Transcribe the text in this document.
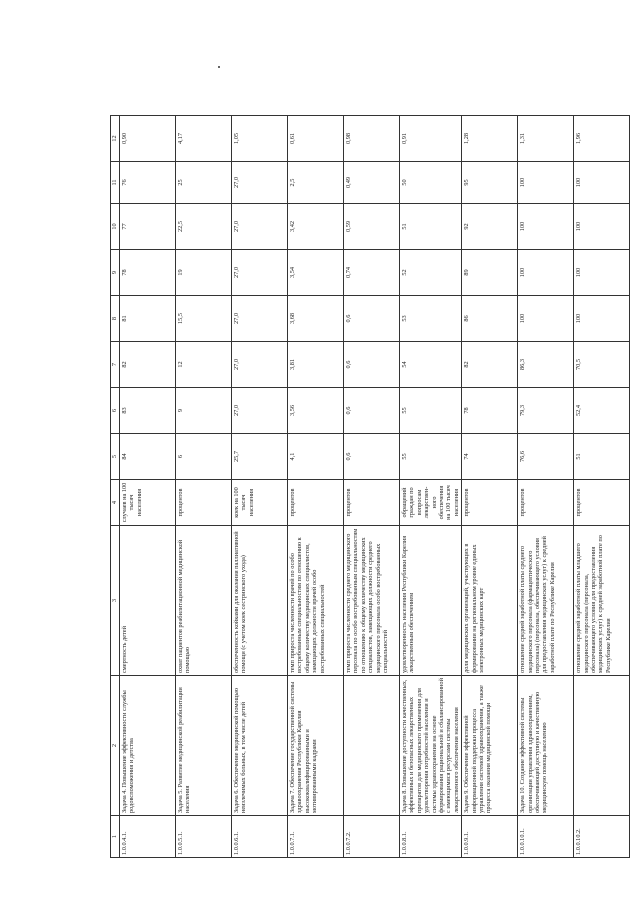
1	2	3	4	5	6	7	8	9	10	11	12
1.0.0.4.1.	Задача 4. Повышение эффективности службы родовспоможения и детства	смертность детей	случаев на 100 тысяч населения	84	83	82	81	78	77	76	0,90
1.0.0.5.1.	Задача 5. Развитие медицинской реабилитации населения	охват пациентов реабилитационной медицинской помощью	процентов	6	9	12	15,5	19	22,5	25	4,17
1.0.0.6.1.	Задача 6. Обеспечение медицинской помощью неизлечимых больных, в том числе детей	обеспеченность койками для оказания паллиативной помощи (с учетом коек сестринского ухода)	коек на 100 тысяч населения	25,7	27,0	27,0	27,0	27,0	27,0	27,0	1,05
1.0.0.7.1.	Задача 7. Обеспечение государственной системы здравоохранения Республики Карелия высококвалифицированными и мотивированными кадрами	темп прироста численности врачей по особо востребованным специальностям по отношению к общему количеству медицинских специалистов, замещающих должности врачей особо востребованных специальностей	процентов	4,1	3,56	3,81	3,68	3,54	3,42	2,5	0,61
1.0.0.7.2.		темп прироста численности среднего медицинского персонала по особо востребованным специальностям по отношению к общему количеству медицинских специалистов, замещающих должности среднего медицинского персонала особо востребованных специальностей	процентов	0,6	0,6	0,6	0,6	0,74	0,59	0,49	0,98
1.0.0.8.1.	Задача 8. Повышение доступности качественных, эффективных и безопасных лекарственных препаратов для медицинского применения для удовлетворения потребностей населения и системы здравоохранения на основе формирования рациональной и сбалансированной с имеющимися ресурсами системы лекарственного обеспечения населения	удовлетворенность населения Республики Карелия лекарственным обеспечением	обращений граждан по вопросам лекарствен-ного обеспечения на 100 тысяч населения	55	55	54	53	52	51	50	0,91
1.0.0.9.1.	Задача 9. Обеспечение эффективной информационной поддержки процесса управления системой здравоохранения, а также процесса оказания медицинской помощи	доля медицинских организаций, участвующих в формировании на региональном уровне единых электронных медицинских карт	процентов	74	78	82	86	89	92	95	1,28
1.0.0.10.1.	Задача 10. Создание эффективной системы организации управления здравоохранением, обеспечивающей доступную и качественную медицинскую помощь населению	отношение средней заработной платы среднего медицинского персонала (фармацевтического персонала) (персонала, обеспечивающего условия для предоставления медицинских услуг) к средней заработной плате по Республике Карелия	процентов	76,6	79,3	86,3	100	100	100	100	1,31
1.0.0.10.2.		отношение средней заработной платы младшего медицинского персонала (персонала, обеспечивающего условия для предоставления медицинских услуг) к средней заработной плате по Республике Карелия	процентов	51	52,4	70,5	100	100	100	100	1,96
